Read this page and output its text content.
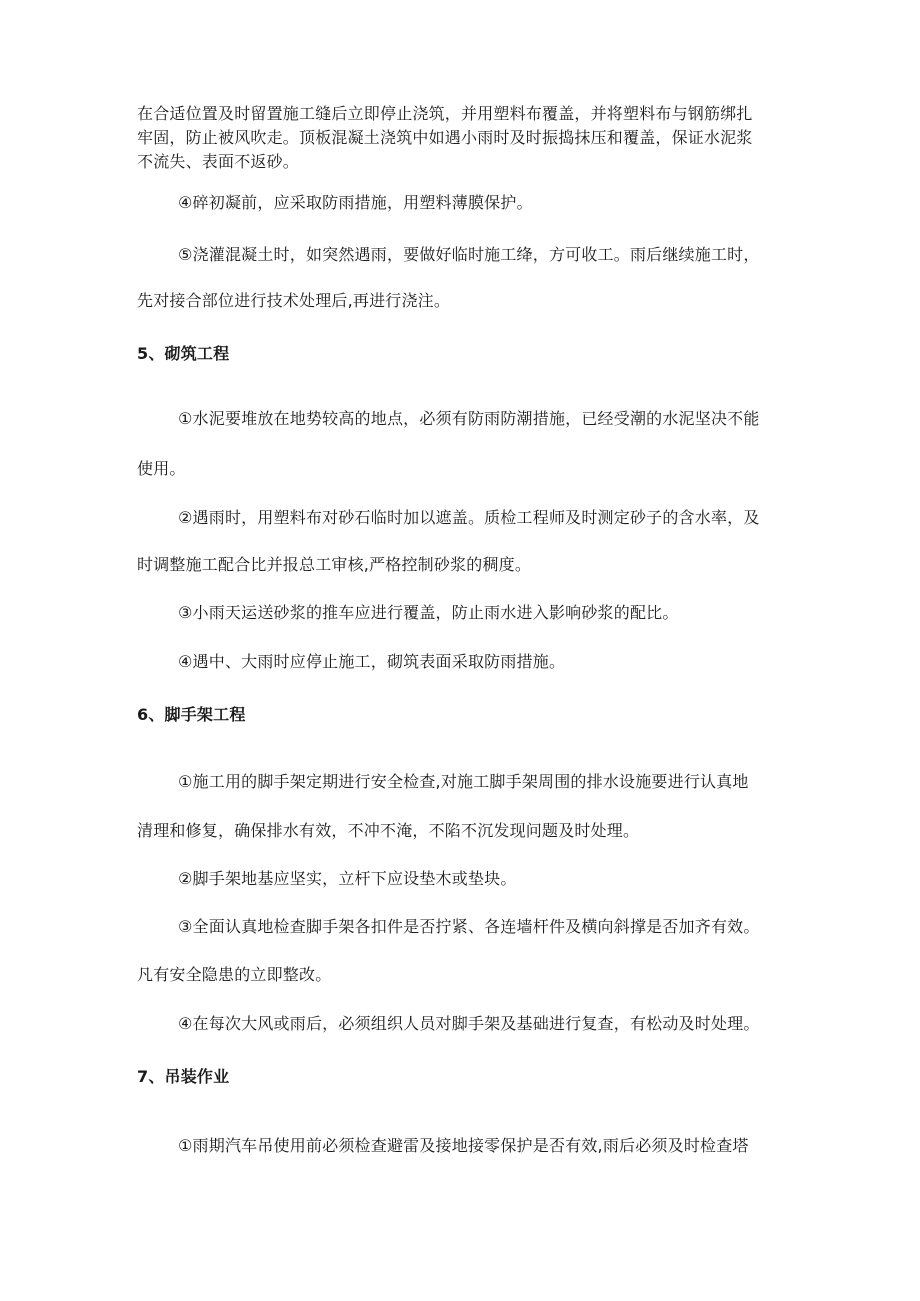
在合适位置及时留置施工缝后立即停止浇筑，并用塑料布覆盖，并将塑料布与钢筋绑扎
牢固，防止被风吹走。顶板混凝土浇筑中如遇小雨时及时振捣抹压和覆盖，保证水泥浆
不流失、表面不返砂。
④碎初凝前，应采取防雨措施，用塑料薄膜保护。
⑤浇灌混凝土时，如突然遇雨，要做好临时施工绛，方可收工。雨后继续施工时，
先对接合部位进行技术处理后,再进行浇注。
5、砌筑工程
①水泥要堆放在地势较高的地点，必须有防雨防潮措施，已经受潮的水泥坚决不能
使用。
②遇雨时，用塑料布对砂石临时加以遮盖。质检工程师及时测定砂子的含水率，及
时调整施工配合比并报总工审核,严格控制砂浆的稠度。
③小雨天运送砂浆的推车应进行覆盖，防止雨水进入影响砂浆的配比。
④遇中、大雨时应停止施工，砌筑表面采取防雨措施。
6、脚手架工程
①施工用的脚手架定期进行安全检查,对施工脚手架周围的排水设施要进行认真地
清理和修复，确保排水有效，不冲不淹，不陷不沉发现问题及时处理。
②脚手架地基应坚实，立杆下应设垫木或垫块。
③全面认真地检查脚手架各扣件是否拧紧、各连墙杆件及横向斜撑是否加齐有效。
凡有安全隐患的立即整改。
④在每次大风或雨后，必须组织人员对脚手架及基础进行复查，有松动及时处理。
7、吊装作业
①雨期汽车吊使用前必须检查避雷及接地接零保护是否有效,雨后必须及时检查塔
